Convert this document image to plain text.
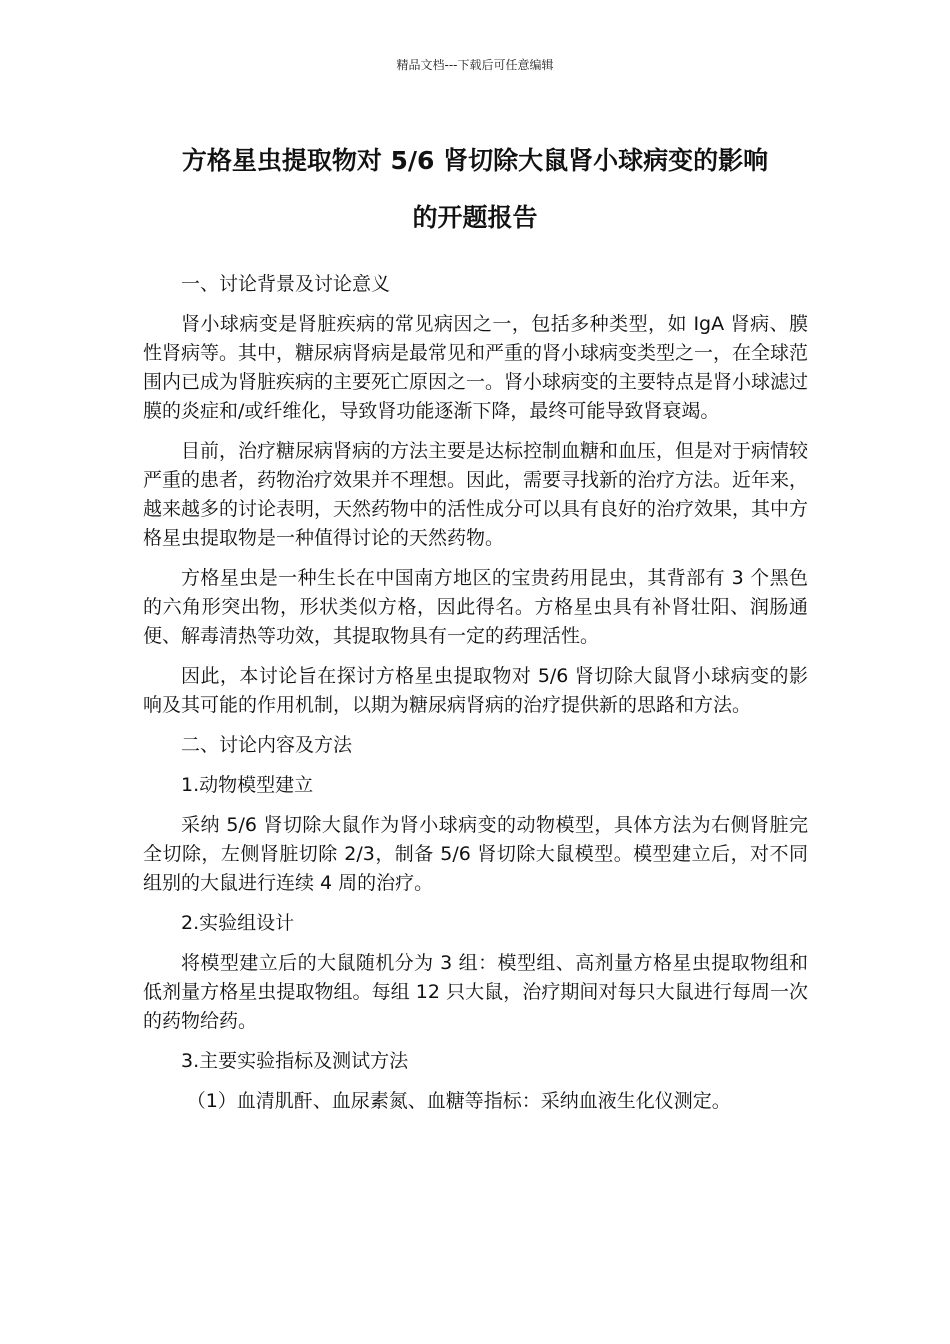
精品文档---下载后可任意编辑
方格星虫提取物对 5/6 肾切除大鼠肾小球病变的影响
的开题报告

一、讨论背景及讨论意义

肾小球病变是肾脏疾病的常见病因之一，包括多种类型，如 IgA 肾病、膜性肾病等。其中，糖尿病肾病是最常见和严重的肾小球病变类型之一，在全球范围内已成为肾脏疾病的主要死亡原因之一。肾小球病变的主要特点是肾小球滤过膜的炎症和/或纤维化，导致肾功能逐渐下降，最终可能导致肾衰竭。

目前，治疗糖尿病肾病的方法主要是达标控制血糖和血压，但是对于病情较严重的患者，药物治疗效果并不理想。因此，需要寻找新的治疗方法。近年来，越来越多的讨论表明，天然药物中的活性成分可以具有良好的治疗效果，其中方格星虫提取物是一种值得讨论的天然药物。

方格星虫是一种生长在中国南方地区的宝贵药用昆虫，其背部有 3 个黑色的六角形突出物，形状类似方格，因此得名。方格星虫具有补肾壮阳、润肠通便、解毒清热等功效，其提取物具有一定的药理活性。

因此，本讨论旨在探讨方格星虫提取物对 5/6 肾切除大鼠肾小球病变的影响及其可能的作用机制，以期为糖尿病肾病的治疗提供新的思路和方法。

二、讨论内容及方法

1.动物模型建立

采纳 5/6 肾切除大鼠作为肾小球病变的动物模型，具体方法为右侧肾脏完全切除，左侧肾脏切除 2/3，制备 5/6 肾切除大鼠模型。模型建立后，对不同组别的大鼠进行连续 4 周的治疗。

2.实验组设计

将模型建立后的大鼠随机分为 3 组：模型组、高剂量方格星虫提取物组和低剂量方格星虫提取物组。每组 12 只大鼠，治疗期间对每只大鼠进行每周一次的药物给药。

3.主要实验指标及测试方法

（1）血清肌酐、血尿素氮、血糖等指标：采纳血液生化仪测定。
